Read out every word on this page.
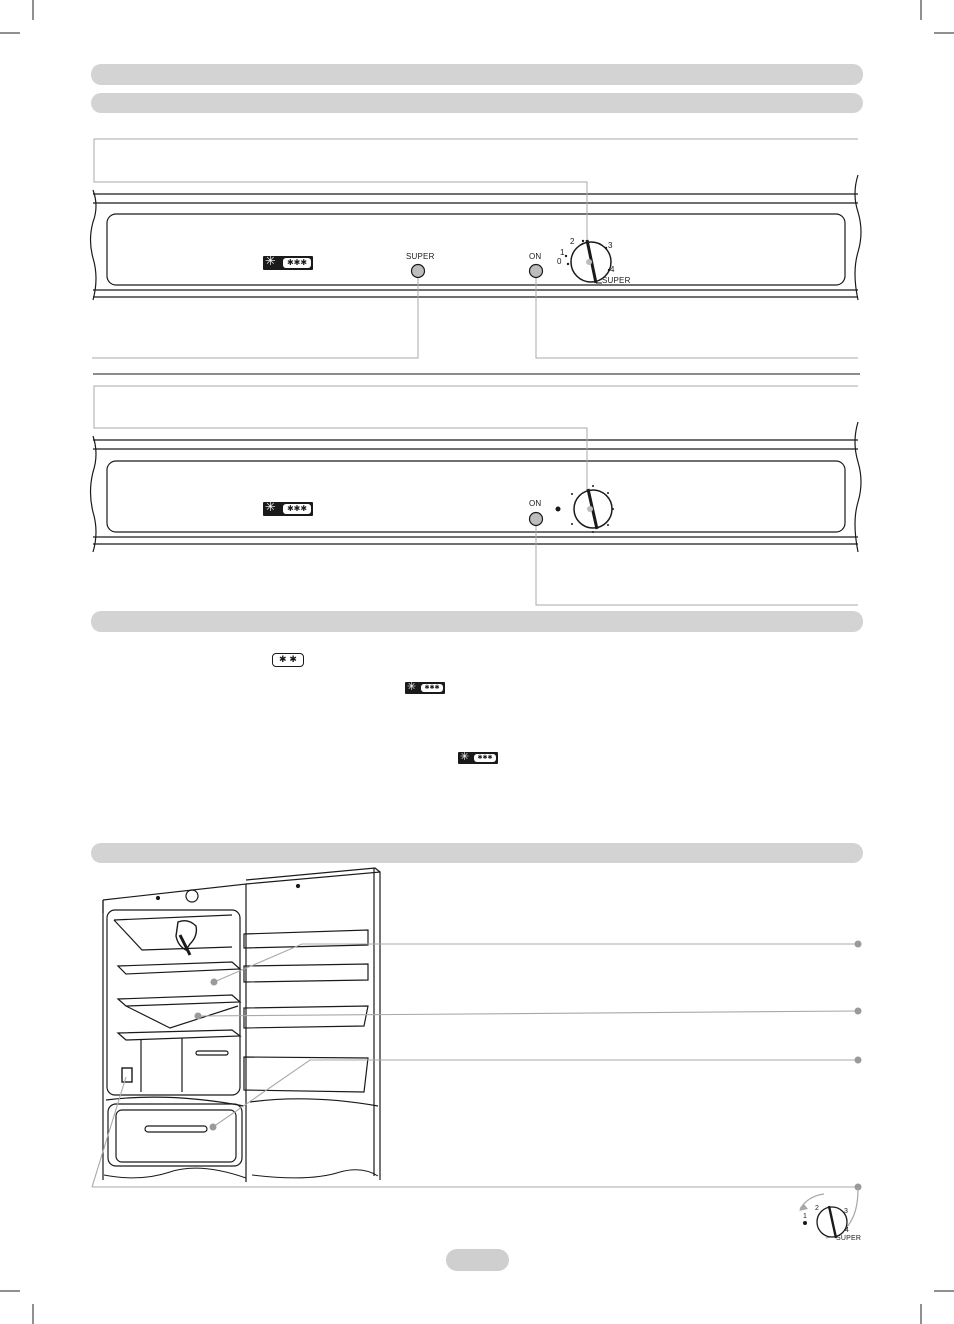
SUPER	ON
0
1
2	3
4
SUPER
ON
1
2	3
4
SUPER
✳	✱✱✱
✳	✱✱✱
✳	✱✱✱
✳	✱✱✱
✱ ✱
